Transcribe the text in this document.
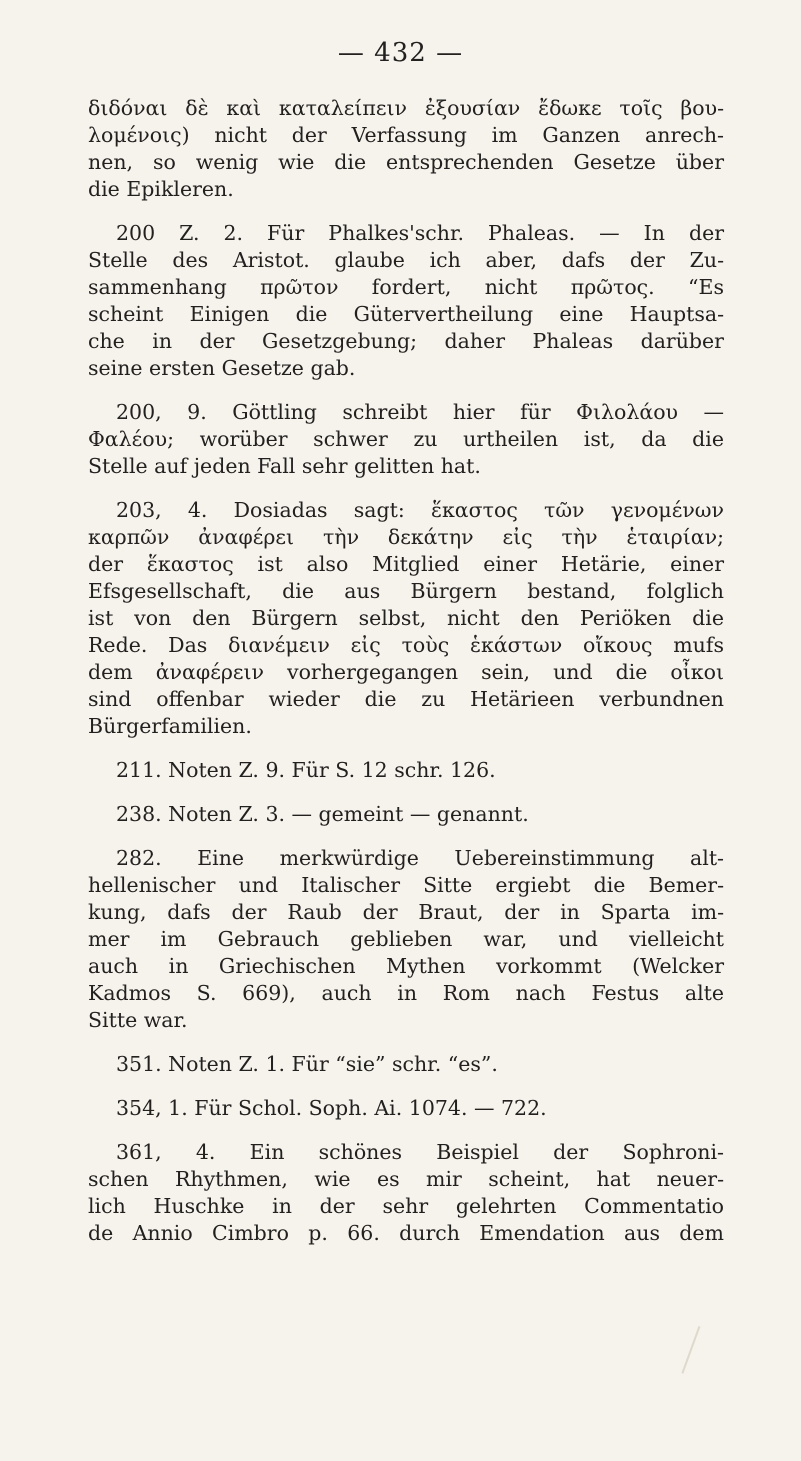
— 432 —
διδόναι δὲ καὶ καταλείπειν ἐξουσίαν ἔδωκε τοῖς βου-
λομένοις) nicht der Verfassung im Ganzen anrech-
nen, so wenig wie die entsprechenden Gesetze über
die Epikleren.
200 Z. 2. Für Phalkes'schr. Phaleas. — In der
Stelle des Aristot. glaube ich aber, dafs der Zu-
sammenhang πρῶτον fordert, nicht πρῶτος. “Es
scheint Einigen die Gütervertheilung eine Hauptsa-
che in der Gesetzgebung; daher Phaleas darüber
seine ersten Gesetze gab.
200, 9. Göttling schreibt hier für Φιλολάου —
Φαλέου; worüber schwer zu urtheilen ist, da die
Stelle auf jeden Fall sehr gelitten hat.
203, 4. Dosiadas sagt: ἕκαστος τῶν γενομένων
καρπῶν ἀναφέρει τὴν δεκάτην εἰς τὴν ἑταιρίαν;
der ἕκαστος ist also Mitglied einer Hetärie, einer
Efsgesellschaft, die aus Bürgern bestand, folglich
ist von den Bürgern selbst, nicht den Periöken die
Rede. Das διανέμειν εἰς τοὺς ἑκάστων οἴκους mufs
dem ἀναφέρειν vorhergegangen sein, und die οἶκοι
sind offenbar wieder die zu Hetärieen verbundnen
Bürgerfamilien.
211. Noten Z. 9. Für S. 12 schr. 126.
238. Noten Z. 3. — gemeint — genannt.
282. Eine merkwürdige Uebereinstimmung alt-
hellenischer und Italischer Sitte ergiebt die Bemer-
kung, dafs der Raub der Braut, der in Sparta im-
mer im Gebrauch geblieben war, und vielleicht
auch in Griechischen Mythen vorkommt (Welcker
Kadmos S. 669), auch in Rom nach Festus alte
Sitte war.
351. Noten Z. 1. Für “sie” schr. “es”.
354, 1. Für Schol. Soph. Ai. 1074. — 722.
361, 4. Ein schönes Beispiel der Sophroni-
schen Rhythmen, wie es mir scheint, hat neuer-
lich Huschke in der sehr gelehrten Commentatio
de Annio Cimbro p. 66. durch Emendation aus dem
